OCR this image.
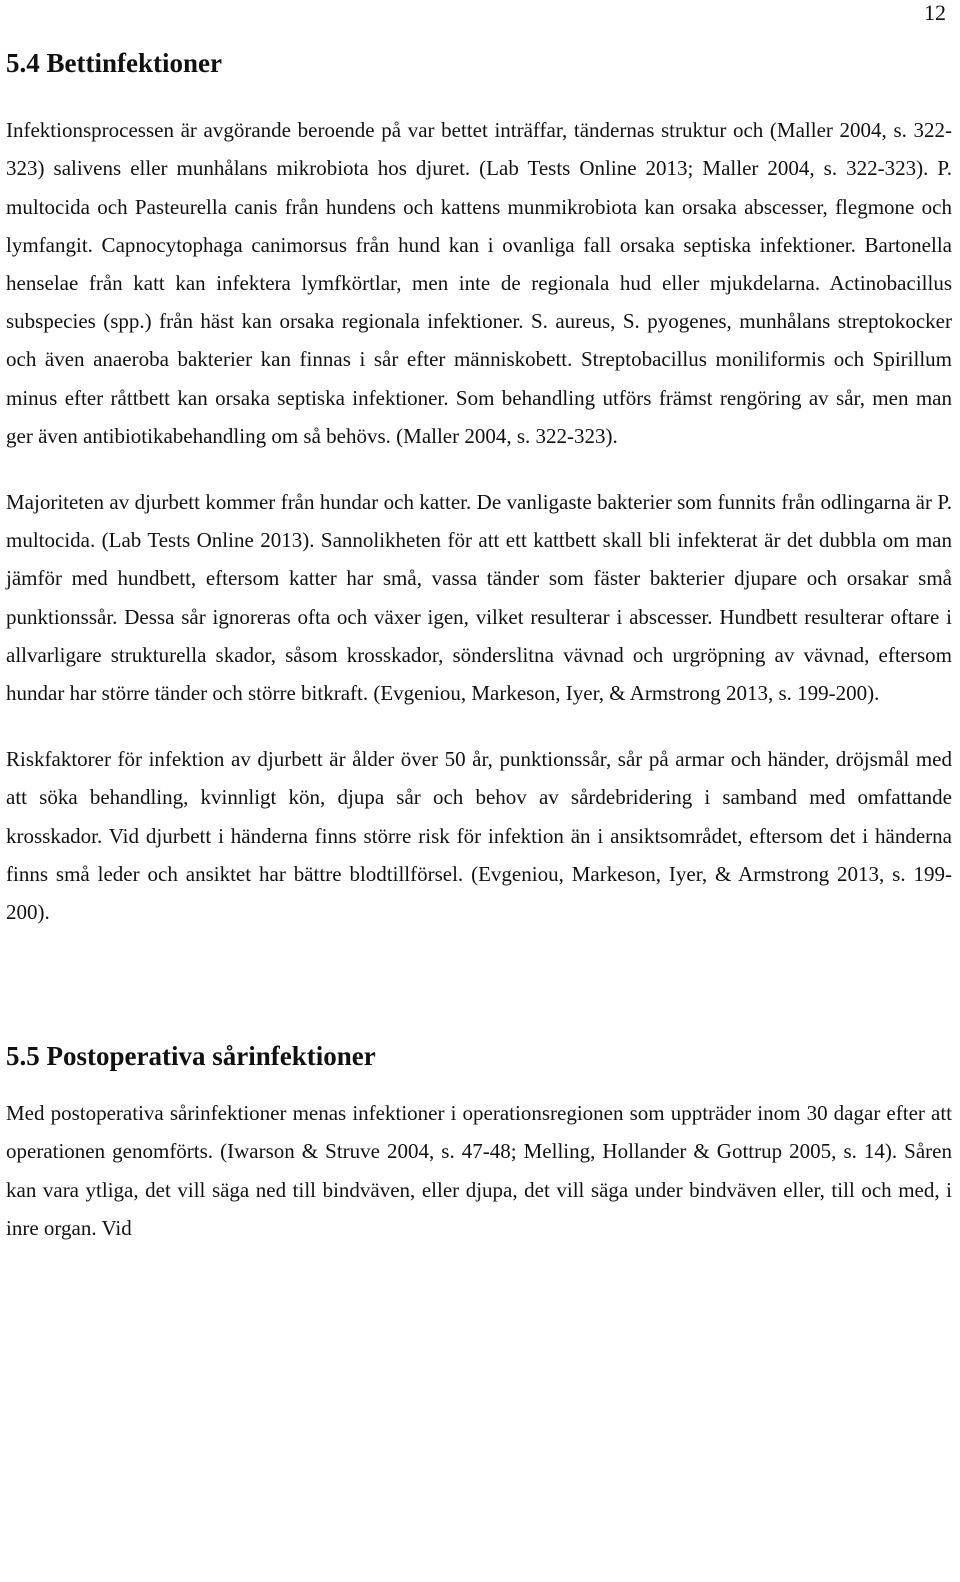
12
5.4 Bettinfektioner

Infektionsprocessen är avgörande beroende på var bettet inträffar, tändernas struktur och (Maller 2004, s. 322-323) salivens eller munhålans mikrobiota hos djuret. (Lab Tests Online 2013; Maller 2004, s. 322-323). P. multocida och Pasteurella canis från hundens och kattens munmikrobiota kan orsaka abscesser, flegmone och lymfangit. Capnocytophaga canimorsus från hund kan i ovanliga fall orsaka septiska infektioner. Bartonella henselae från katt kan infektera lymfkörtlar, men inte de regionala hud eller mjukdelarna. Actinobacillus subspecies (spp.) från häst kan orsaka regionala infektioner. S. aureus, S. pyogenes, munhålans streptokocker och även anaeroba bakterier kan finnas i sår efter människobett. Streptobacillus moniliformis och Spirillum minus efter råttbett kan orsaka septiska infektioner. Som behandling utförs främst rengöring av sår, men man ger även antibiotikabehandling om så behövs. (Maller 2004, s. 322-323).

Majoriteten av djurbett kommer från hundar och katter. De vanligaste bakterier som funnits från odlingarna är P. multocida. (Lab Tests Online 2013). Sannolikheten för att ett kattbett skall bli infekterat är det dubbla om man jämför med hundbett, eftersom katter har små, vassa tänder som fäster bakterier djupare och orsakar små punktionssår. Dessa sår ignoreras ofta och växer igen, vilket resulterar i abscesser. Hundbett resulterar oftare i allvarligare strukturella skador, såsom krosskador, sönderslitna vävnad och urgröpning av vävnad, eftersom hundar har större tänder och större bitkraft. (Evgeniou, Markeson, Iyer, & Armstrong 2013, s. 199-200).

Riskfaktorer för infektion av djurbett är ålder över 50 år, punktionssår, sår på armar och händer, dröjsmål med att söka behandling, kvinnligt kön, djupa sår och behov av sårdebridering i samband med omfattande krosskador. Vid djurbett i händerna finns större risk för infektion än i ansiktsområdet, eftersom det i händerna finns små leder och ansiktet har bättre blodtillförsel. (Evgeniou, Markeson, Iyer, & Armstrong 2013, s. 199-200).

5.5 Postoperativa sårinfektioner

Med postoperativa sårinfektioner menas infektioner i operationsregionen som uppträder inom 30 dagar efter att operationen genomförts. (Iwarson & Struve 2004, s. 47-48; Melling, Hollander & Gottrup 2005, s. 14). Såren kan vara ytliga, det vill säga ned till bindväven, eller djupa, det vill säga under bindväven eller, till och med, i inre organ. Vid
